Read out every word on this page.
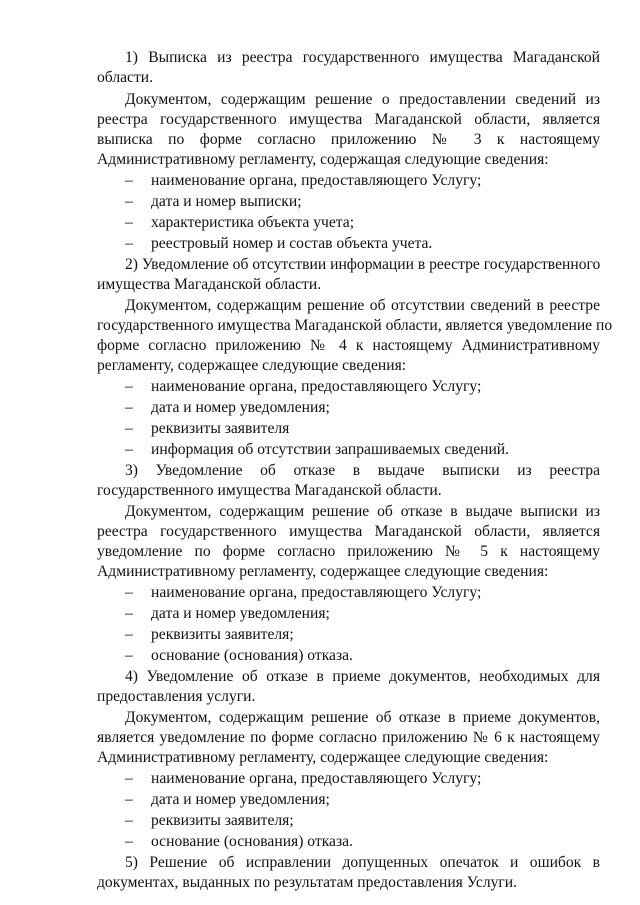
1) Выписка из реестра государственного имущества Магаданской
области.
Документом, содержащим решение о предоставлении сведений из
реестра государственного имущества Магаданской области, является
выписка по форме согласно приложению № 3 к настоящему
Административному регламенту, содержащая следующие сведения:
– наименование органа, предоставляющего Услугу;
– дата и номер выписки;
– характеристика объекта учета;
– реестровый номер и состав объекта учета.
2) Уведомление об отсутствии информации в реестре государственного
имущества Магаданской области.
Документом, содержащим решение об отсутствии сведений в реестре
государственного имущества Магаданской области, является уведомление по
форме согласно приложению № 4 к настоящему Административному
регламенту, содержащее следующие сведения:
– наименование органа, предоставляющего Услугу;
– дата и номер уведомления;
– реквизиты заявителя
– информация об отсутствии запрашиваемых сведений.
3) Уведомление об отказе в выдаче выписки из реестра
государственного имущества Магаданской области.
Документом, содержащим решение об отказе в выдаче выписки из
реестра государственного имущества Магаданской области, является
уведомление по форме согласно приложению № 5 к настоящему
Административному регламенту, содержащее следующие сведения:
– наименование органа, предоставляющего Услугу;
– дата и номер уведомления;
– реквизиты заявителя;
– основание (основания) отказа.
4) Уведомление об отказе в приеме документов, необходимых для
предоставления услуги.
Документом, содержащим решение об отказе в приеме документов,
является уведомление по форме согласно приложению № 6 к настоящему
Административному регламенту, содержащее следующие сведения:
– наименование органа, предоставляющего Услугу;
– дата и номер уведомления;
– реквизиты заявителя;
– основание (основания) отказа.
5) Решение об исправлении допущенных опечаток и ошибок в
документах, выданных по результатам предоставления Услуги.
